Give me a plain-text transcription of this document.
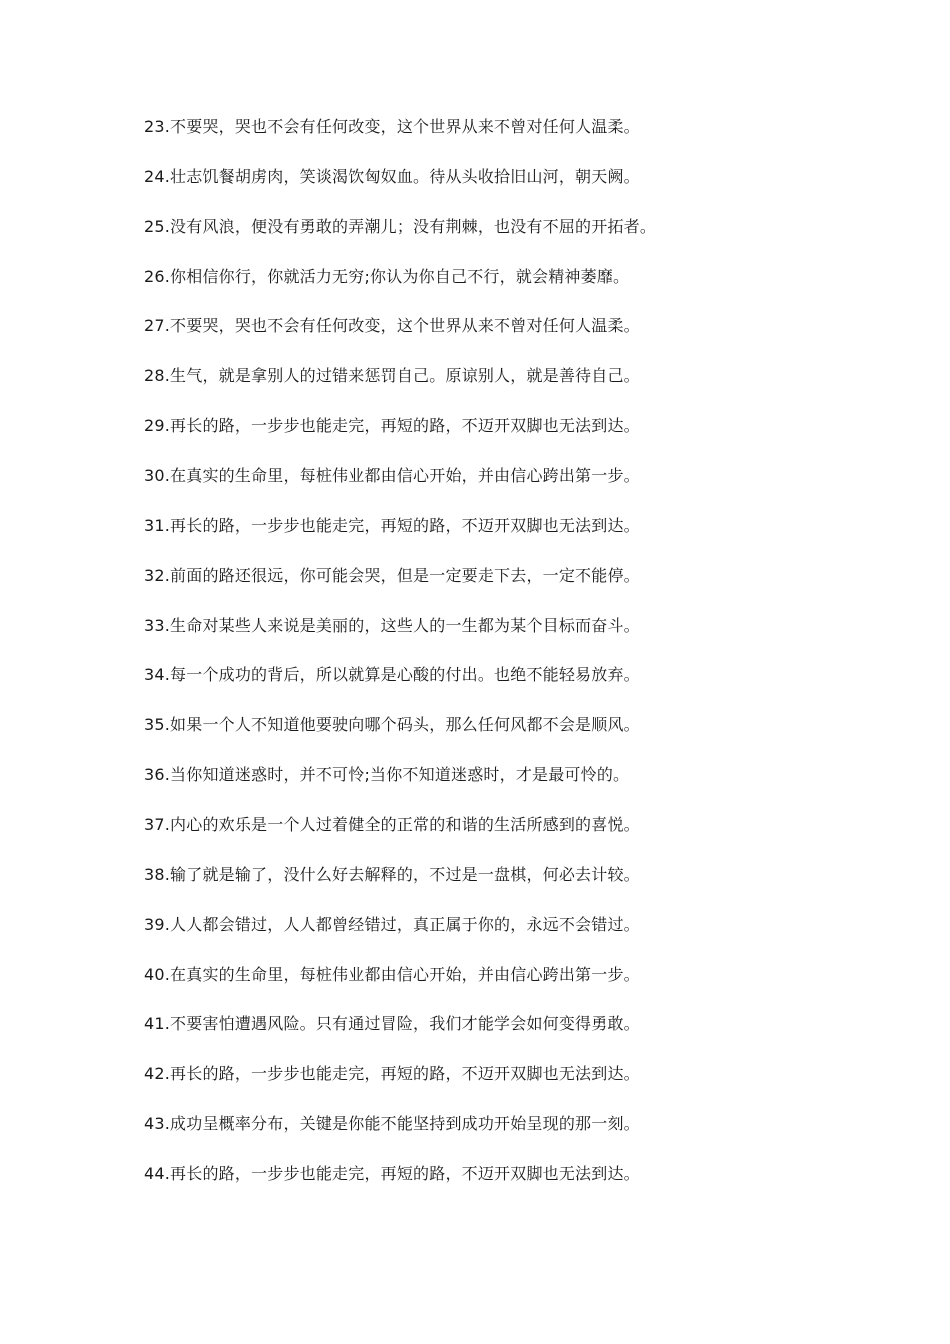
23.不要哭，哭也不会有任何改变，这个世界从来不曾对任何人温柔。
24.壮志饥餐胡虏肉，笑谈渴饮匈奴血。待从头收拾旧山河，朝天阙。
25.没有风浪，便没有勇敢的弄潮儿；没有荆棘，也没有不屈的开拓者。
26.你相信你行，你就活力无穷;你认为你自己不行，就会精神萎靡。
27.不要哭，哭也不会有任何改变，这个世界从来不曾对任何人温柔。
28.生气，就是拿别人的过错来惩罚自己。原谅别人，就是善待自己。
29.再长的路，一步步也能走完，再短的路，不迈开双脚也无法到达。
30.在真实的生命里，每桩伟业都由信心开始，并由信心跨出第一步。
31.再长的路，一步步也能走完，再短的路，不迈开双脚也无法到达。
32.前面的路还很远，你可能会哭，但是一定要走下去，一定不能停。
33.生命对某些人来说是美丽的，这些人的一生都为某个目标而奋斗。
34.每一个成功的背后，所以就算是心酸的付出。也绝不能轻易放弃。
35.如果一个人不知道他要驶向哪个码头，那么任何风都不会是顺风。
36.当你知道迷惑时，并不可怜;当你不知道迷惑时，才是最可怜的。
37.内心的欢乐是一个人过着健全的正常的和谐的生活所感到的喜悦。
38.输了就是输了，没什么好去解释的，不过是一盘棋，何必去计较。
39.人人都会错过，人人都曾经错过，真正属于你的，永远不会错过。
40.在真实的生命里，每桩伟业都由信心开始，并由信心跨出第一步。
41.不要害怕遭遇风险。只有通过冒险，我们才能学会如何变得勇敢。
42.再长的路，一步步也能走完，再短的路，不迈开双脚也无法到达。
43.成功呈概率分布，关键是你能不能坚持到成功开始呈现的那一刻。
44.再长的路，一步步也能走完，再短的路，不迈开双脚也无法到达。
